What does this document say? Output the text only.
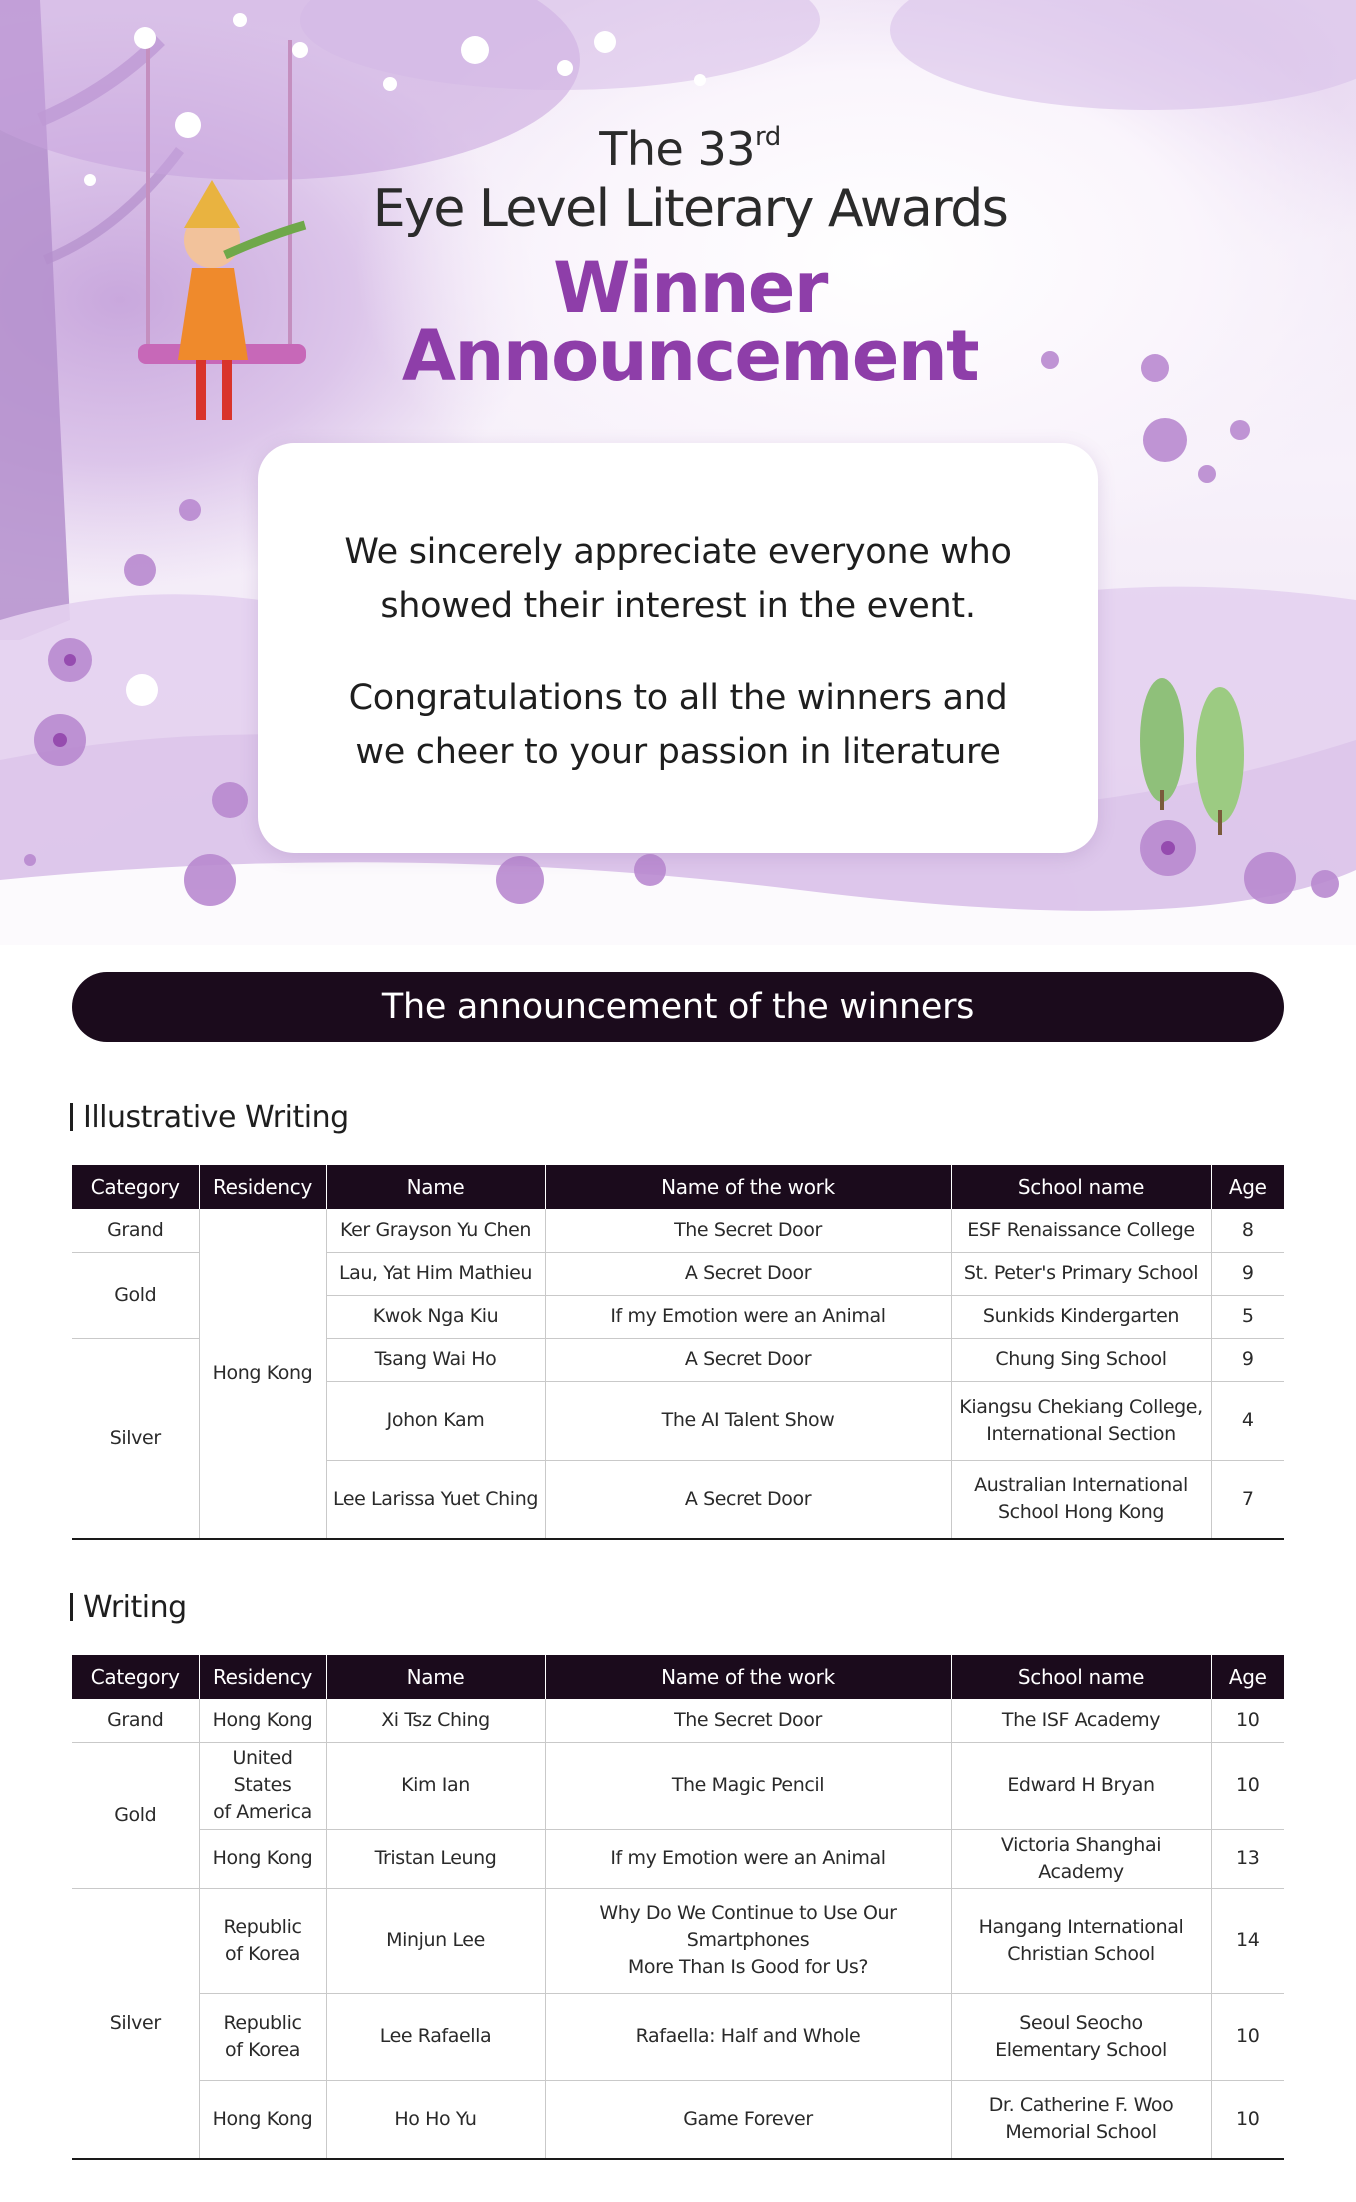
The 33rd
Eye Level Literary Awards
Winner
Announcement

We sincerely appreciate everyone who
showed their interest in the event.

Congratulations to all the winners and
we cheer to your passion in literature

The announcement of the winners
Illustrative Writing
Category	Residency	Name	Name of the work	School name	Age
Grand	Hong Kong	Ker Grayson Yu Chen	The Secret Door	ESF Renaissance College	8
Gold		Lau, Yat Him Mathieu	A Secret Door	St. Peter's Primary School	9
		Kwok Nga Kiu	If my Emotion were an Animal	Sunkids Kindergarten	5
Silver		Tsang Wai Ho	A Secret Door	Chung Sing School	9
		Johon Kam	The AI Talent Show	Kiangsu Chekiang College,
International Section	4
		Lee Larissa Yuet Ching	A Secret Door	Australian International
School Hong Kong	7
Writing
Category	Residency	Name	Name of the work	School name	Age
Grand	Hong Kong	Xi Tsz Ching	The Secret Door	The ISF Academy	10
Gold	United States
of America	Kim Ian	The Magic Pencil	Edward H Bryan	10
	Hong Kong	Tristan Leung	If my Emotion were an Animal	Victoria Shanghai Academy	13
Silver	Republic
of Korea	Minjun Lee	Why Do We Continue to Use Our Smartphones
More Than Is Good for Us?	Hangang International
Christian School	14

	Republic
of Korea	Lee Rafaella	Rafaella: Half and Whole	Seoul Seocho
Elementary School	10
	Hong Kong	Ho Ho Yu	Game Forever	Dr. Catherine F. Woo
Memorial School	10
